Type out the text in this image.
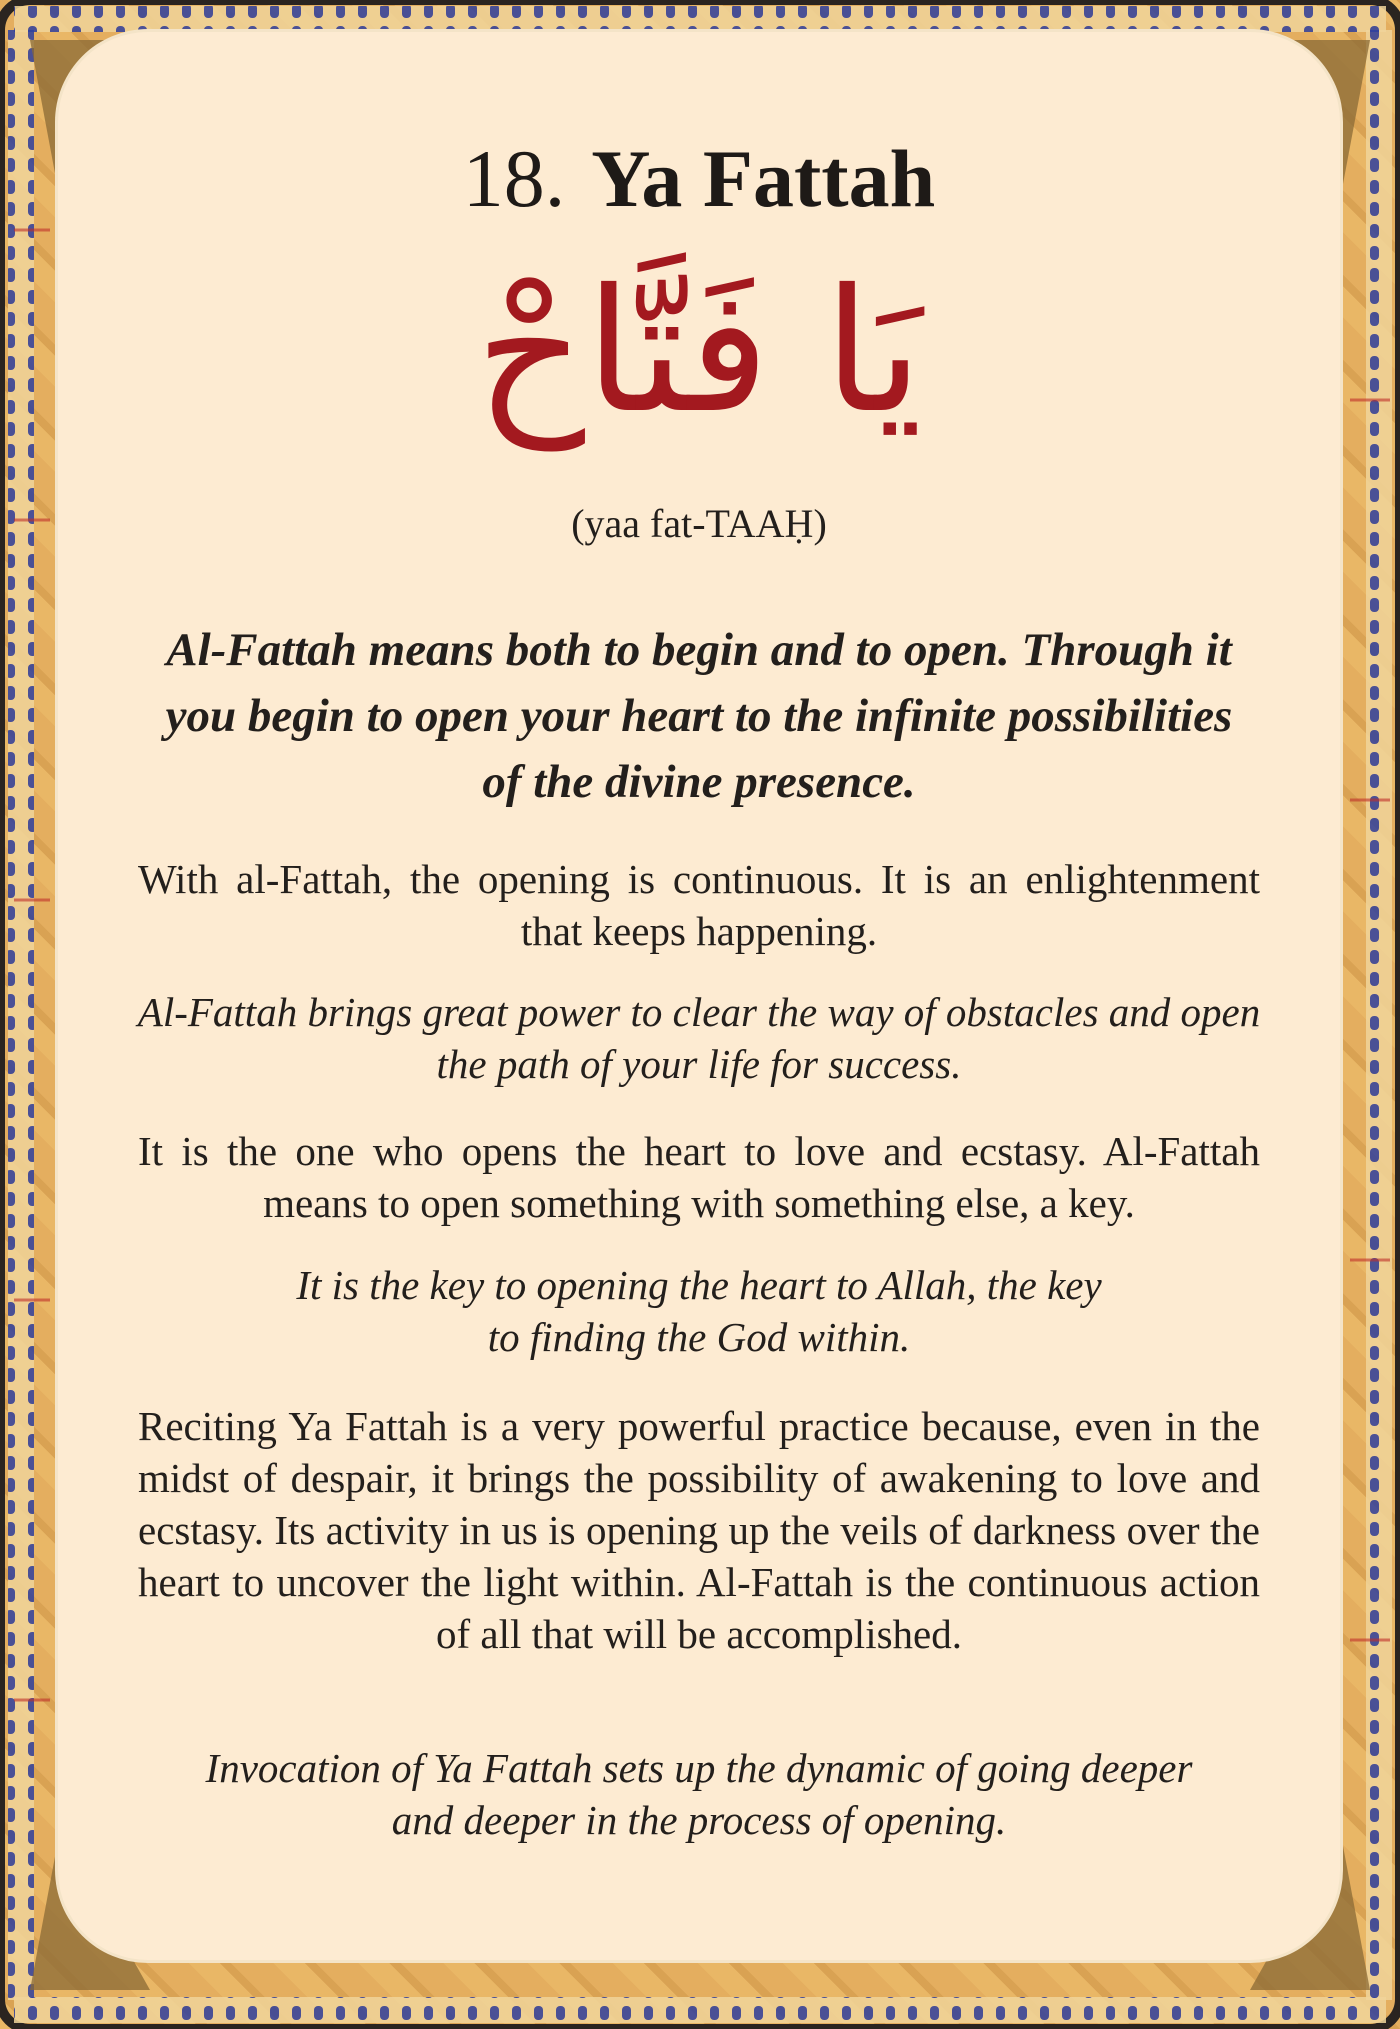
18. Ya Fattah
يَا فَتَّاحْ
(yaa fat-TAAḤ)
Al-Fattah means both to begin and to open. Through it you begin to open your heart to the infinite possibilities of the divine presence.
With al-Fattah, the opening is continuous. It is an enlightenment that keeps happening.
Al-Fattah brings great power to clear the way of obstacles and open the path of your life for success.
It is the one who opens the heart to love and ecstasy. Al-Fattah means to open something with something else, a key.
It is the key to opening the heart to Allah, the key to finding the God within.
Reciting Ya Fattah is a very powerful practice because, even in the midst of despair, it brings the possibility of awakening to love and ecstasy. Its activity in us is opening up the veils of darkness over the heart to uncover the light within. Al-Fattah is the continuous action of all that will be accomplished.
Invocation of Ya Fattah sets up the dynamic of going deeper and deeper in the process of opening.
